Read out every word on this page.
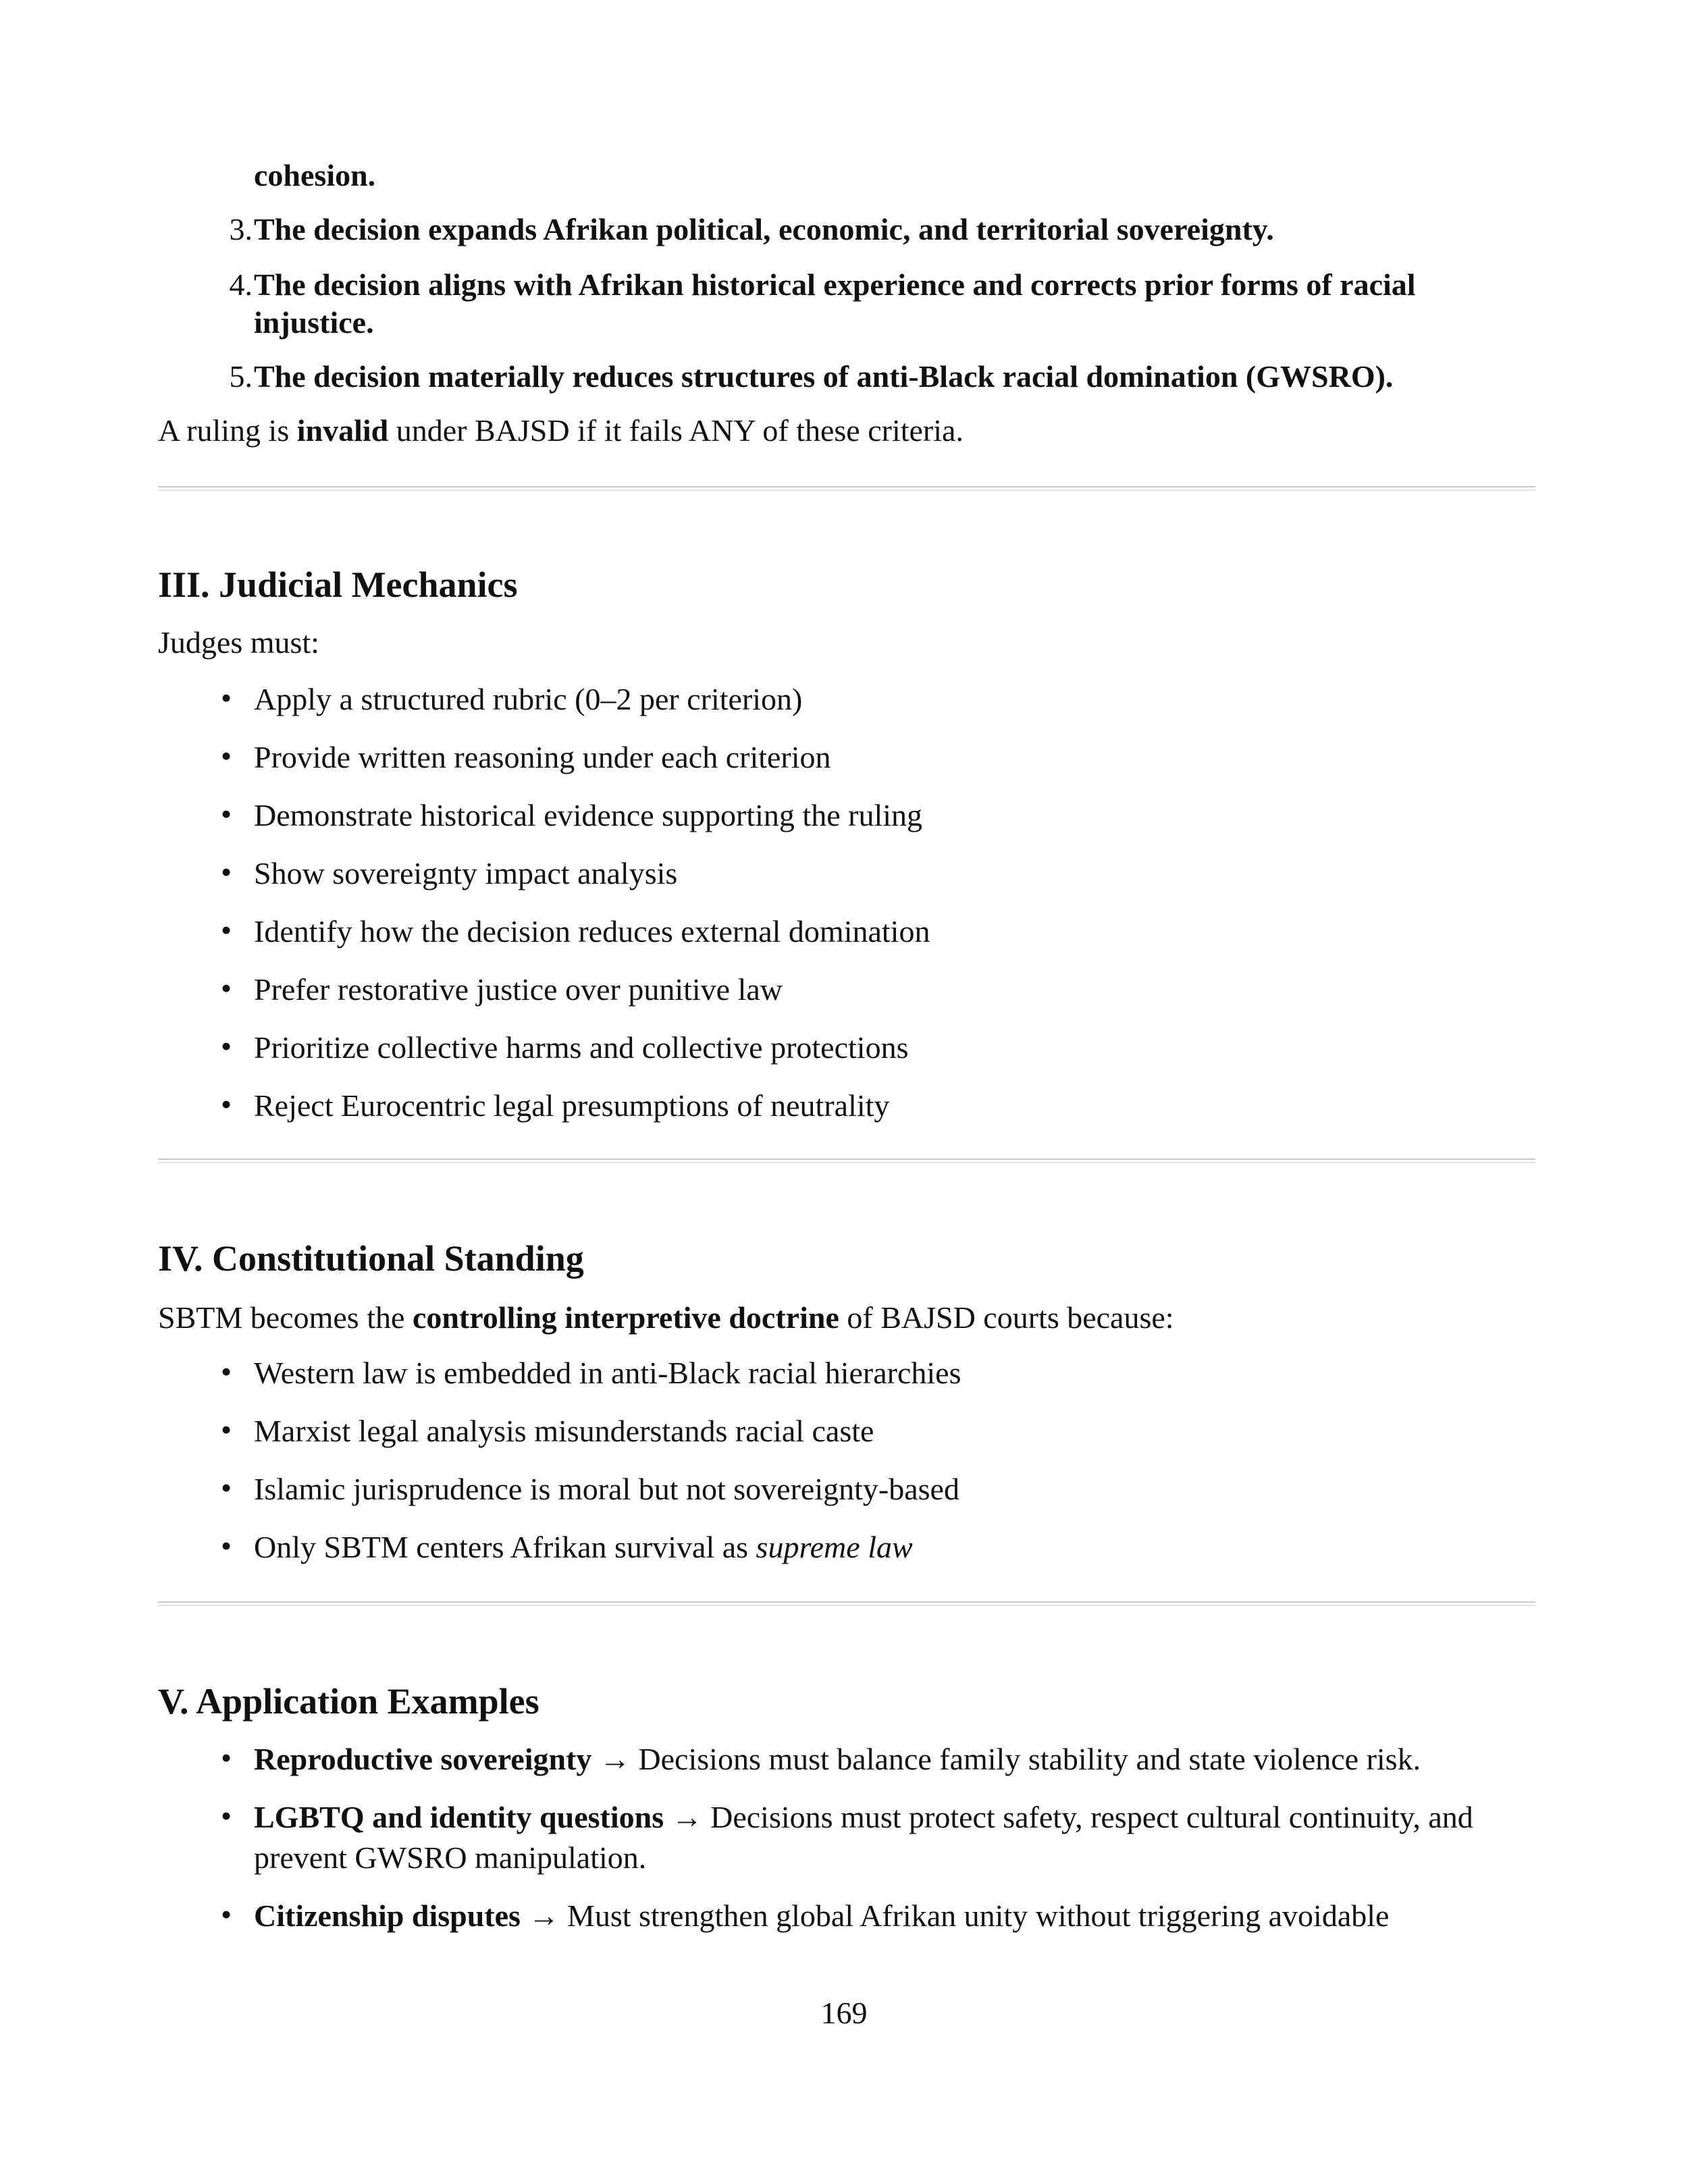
cohesion.
3. The decision expands Afrikan political, economic, and territorial sovereignty.
4. The decision aligns with Afrikan historical experience and corrects prior forms of racial injustice.
5. The decision materially reduces structures of anti-Black racial domination (GWSRO).
A ruling is invalid under BAJSD if it fails ANY of these criteria.
III. Judicial Mechanics
Judges must:
• Apply a structured rubric (0–2 per criterion)
• Provide written reasoning under each criterion
• Demonstrate historical evidence supporting the ruling
• Show sovereignty impact analysis
• Identify how the decision reduces external domination
• Prefer restorative justice over punitive law
• Prioritize collective harms and collective protections
• Reject Eurocentric legal presumptions of neutrality
IV. Constitutional Standing
SBTM becomes the controlling interpretive doctrine of BAJSD courts because:
• Western law is embedded in anti-Black racial hierarchies
• Marxist legal analysis misunderstands racial caste
• Islamic jurisprudence is moral but not sovereignty-based
• Only SBTM centers Afrikan survival as supreme law
V. Application Examples
• Reproductive sovereignty → Decisions must balance family stability and state violence risk.
• LGBTQ and identity questions → Decisions must protect safety, respect cultural continuity, and prevent GWSRO manipulation.
• Citizenship disputes → Must strengthen global Afrikan unity without triggering avoidable
169
